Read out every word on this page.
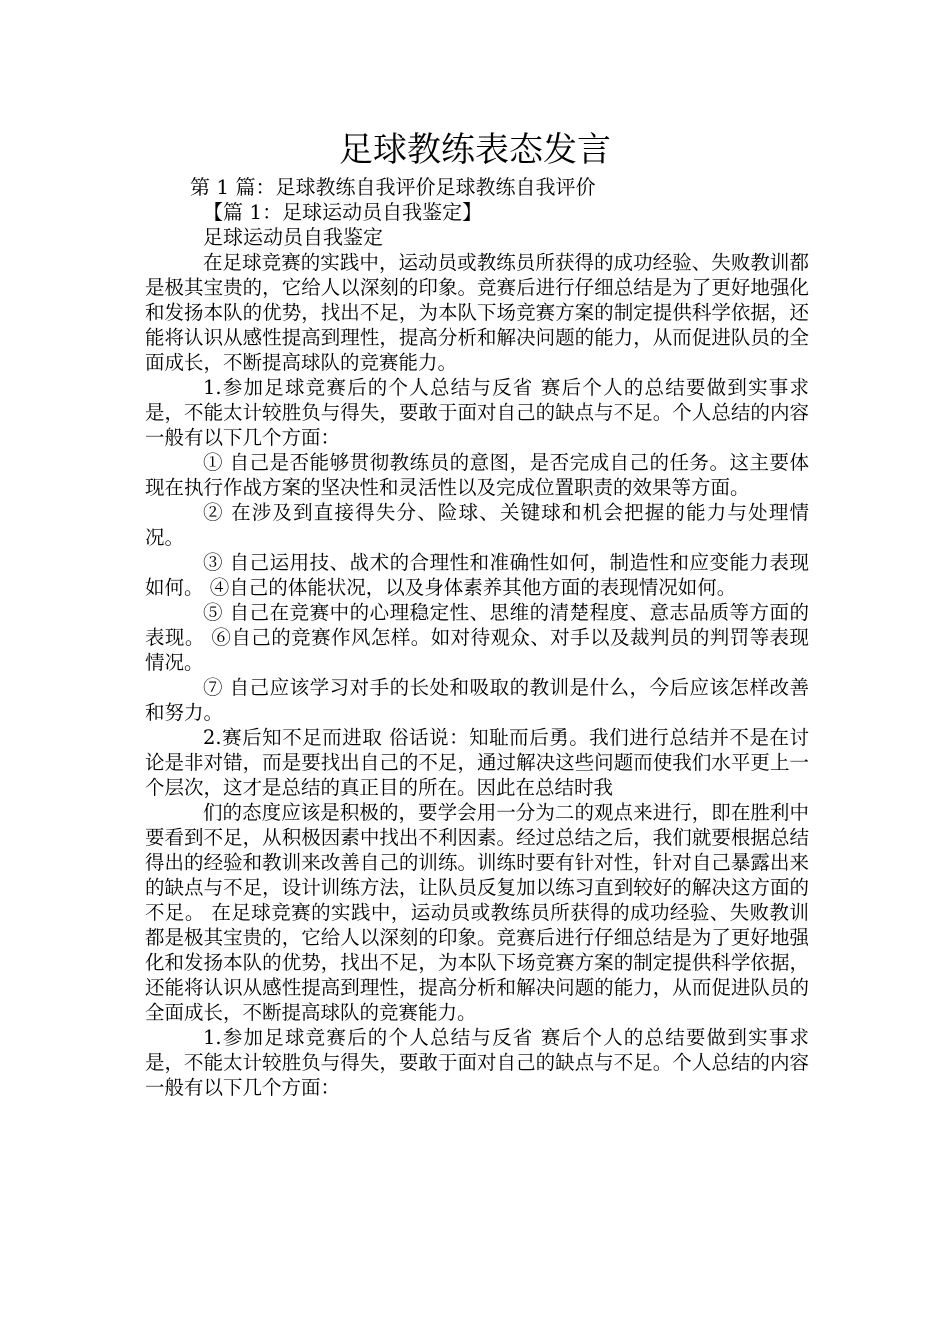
足球教练表态发言
第 1 篇：足球教练自我评价足球教练自我评价
【篇 1：足球运动员自我鉴定】
足球运动员自我鉴定

在足球竞赛的实践中，运动员或教练员所获得的成功经验、失败教训都是极其宝贵的，它给人以深刻的印象。竞赛后进行仔细总结是为了更好地强化和发扬本队的优势，找出不足，为本队下场竞赛方案的制定提供科学依据，还能将认识从感性提高到理性，提高分析和解决问题的能力，从而促进队员的全面成长，不断提高球队的竞赛能力。

1.参加足球竞赛后的个人总结与反省 赛后个人的总结要做到实事求是，不能太计较胜负与得失，要敢于面对自己的缺点与不足。个人总结的内容一般有以下几个方面：

① 自己是否能够贯彻教练员的意图，是否完成自己的任务。这主要体现在执行作战方案的坚决性和灵活性以及完成位置职责的效果等方面。

② 在涉及到直接得失分、险球、关键球和机会把握的能力与处理情况。

③ 自己运用技、战术的合理性和准确性如何，制造性和应变能力表现如何。 ④自己的体能状况，以及身体素养其他方面的表现情况如何。

⑤ 自己在竞赛中的心理稳定性、思维的清楚程度、意志品质等方面的表现。 ⑥自己的竞赛作风怎样。如对待观众、对手以及裁判员的判罚等表现情况。

⑦ 自己应该学习对手的长处和吸取的教训是什么，今后应该怎样改善和努力。

2.赛后知不足而进取 俗话说：知耻而后勇。我们进行总结并不是在讨论是非对错，而是要找出自己的不足，通过解决这些问题而使我们水平更上一个层次，这才是总结的真正目的所在。因此在总结时我

们的态度应该是积极的，要学会用一分为二的观点来进行，即在胜利中要看到不足，从积极因素中找出不利因素。经过总结之后，我们就要根据总结得出的经验和教训来改善自己的训练。训练时要有针对性，针对自己暴露出来的缺点与不足，设计训练方法，让队员反复加以练习直到较好的解决这方面的不足。 在足球竞赛的实践中，运动员或教练员所获得的成功经验、失败教训都是极其宝贵的，它给人以深刻的印象。竞赛后进行仔细总结是为了更好地强化和发扬本队的优势，找出不足，为本队下场竞赛方案的制定提供科学依据，还能将认识从感性提高到理性，提高分析和解决问题的能力，从而促进队员的全面成长，不断提高球队的竞赛能力。

1.参加足球竞赛后的个人总结与反省 赛后个人的总结要做到实事求是，不能太计较胜负与得失，要敢于面对自己的缺点与不足。个人总结的内容一般有以下几个方面：
